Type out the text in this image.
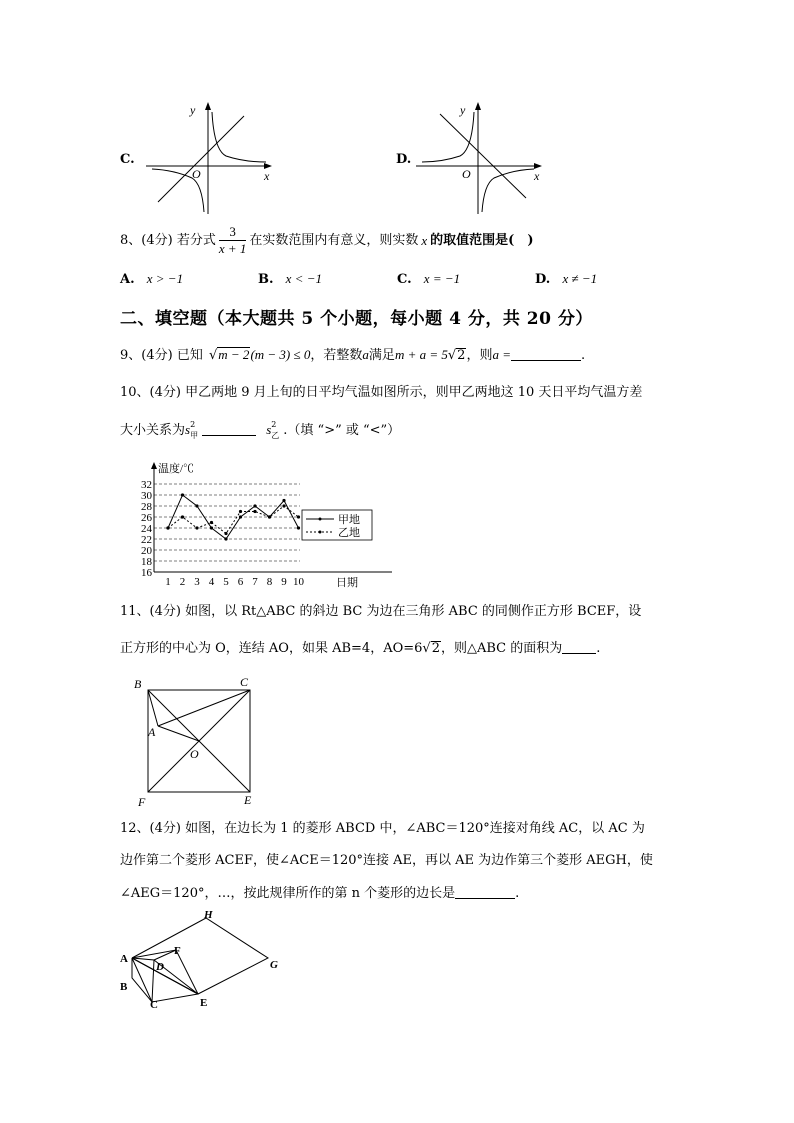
C.
y
x
O
D.
y
x
O
8、(4分) 若分式 $\frac{3}{x + 1}$ 在实数范围内有意义，则实数 x 的取值范围是(　)
A. x > −1	B. x < −1	C. x = −1	D. x ≠ −1
二、填空题（本大题共 5 个小题，每小题 4 分，共 20 分）
9、(4分) 已知 √m − 2(m − 3) ≤ 0，若整数a满足m + a = 5√2，则a =	.
10、(4分) 甲乙两地 9 月上旬的日平均气温如图所示，则甲乙两地这 10 天日平均气温方差
大小关系为s 2
甲	s 2
乙 .（填 “>” 或 “<”）
温度/℃
日期
16
18
20
22
24
26
28
30
32
1 2 3 4 5 6 7 8 9 10
甲地
乙地
11、(4分) 如图，以 Rt△ABC 的斜边 BC 为边在三角形 ABC 的同侧作正方形 BCEF，设
正方形的中心为 O，连结 AO，如果 AB=4，AO=6√2，则△ABC 的面积为	.
B	C
A
O
F	E
12、(4分) 如图，在边长为 1 的菱形 ABCD 中，∠ABC＝120°连接对角线 AC，以 AC 为
边作第二个菱形 ACEF，使∠ACE＝120°连接 AE，再以 AE 为边作第三个菱形 AEGH，使
∠AEG＝120°，…，按此规律所作的第 n 个菱形的边长是	.
H
A
F
D	G
B
C	E
